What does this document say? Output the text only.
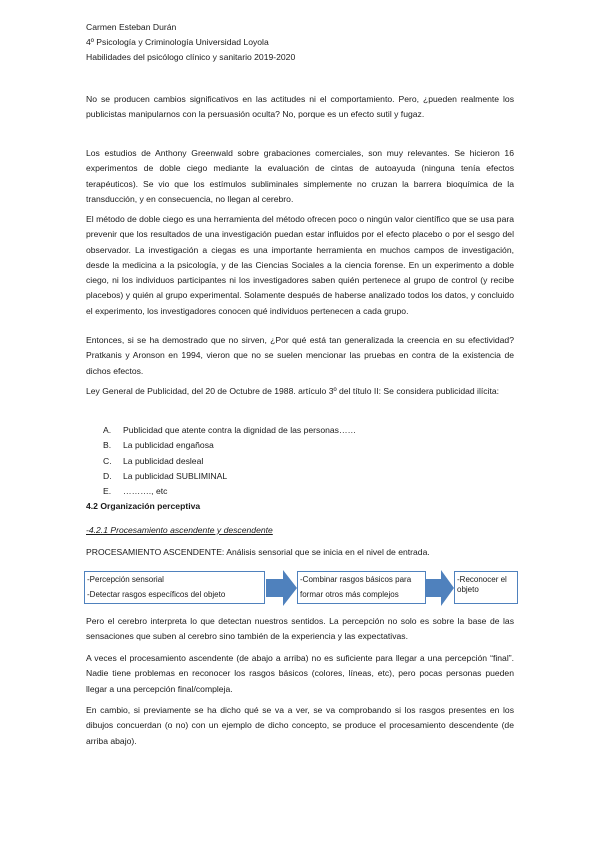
Carmen Esteban Durán
4º Psicología y Criminología Universidad Loyola
Habilidades del psicólogo clínico y sanitario 2019-2020

No se producen cambios significativos en las actitudes ni el comportamiento. Pero, ¿pueden realmente los publicistas manipularnos con la persuasión oculta? No, porque es un efecto sutil y fugaz.

Los estudios de Anthony Greenwald sobre grabaciones comerciales, son muy relevantes. Se hicieron 16 experimentos de doble ciego mediante la evaluación de cintas de autoayuda (ninguna tenía efectos terapéuticos). Se vio que los estímulos subliminales simplemente no cruzan la barrera bioquímica de la transducción, y en consecuencia, no llegan al cerebro.

El método de doble ciego es una herramienta del método ofrecen poco o ningún valor científico que se usa para prevenir que los resultados de una investigación puedan estar influidos por el efecto placebo o por el sesgo del observador. La investigación a ciegas es una importante herramienta en muchos campos de investigación, desde la medicina a la psicología, y de las Ciencias Sociales a la ciencia forense. En un experimento a doble ciego, ni los individuos participantes ni los investigadores saben quién pertenece al grupo de control (y recibe placebos) y quién al grupo experimental. Solamente después de haberse analizado todos los datos, y concluido el experimento, los investigadores conocen qué individuos pertenecen a cada grupo.

Entonces, si se ha demostrado que no sirven, ¿Por qué está tan generalizada la creencia en su efectividad? Pratkanis y Aronson en 1994, vieron que no se suelen mencionar las pruebas en contra de la existencia de dichos efectos.

Ley General de Publicidad, del 20 de Octubre de 1988. artículo 3º del título II: Se considera publicidad ilícita:

A.	Publicidad que atente contra la dignidad de las personas……
B.	La publicidad engañosa
C.	La publicidad desleal
D.	La publicidad SUBLIMINAL
E.	………., etc
4.2 Organización perceptiva
-4.2.1 Procesamiento ascendente y descendente
PROCESAMIENTO ASCENDENTE: Análisis sensorial que se inicia en el nivel de entrada.
-Percepción sensorial
-Detectar rasgos específicos del objeto
-Combinar rasgos básicos para
formar otros más complejos
-Reconocer el objeto

Pero el cerebro interpreta lo que detectan nuestros sentidos. La percepción no solo es sobre la base de las sensaciones que suben al cerebro sino también de la experiencia y las expectativas.

A veces el procesamiento ascendente (de abajo a arriba) no es suficiente para llegar a una percepción “final”. Nadie tiene problemas en reconocer los rasgos básicos (colores, líneas, etc), pero pocas personas pueden llegar a una percepción final/compleja.

En cambio, si previamente se ha dicho qué se va a ver, se va comprobando si los rasgos presentes en los dibujos concuerdan (o no) con un ejemplo de dicho concepto, se produce el procesamiento descendente (de arriba abajo).
